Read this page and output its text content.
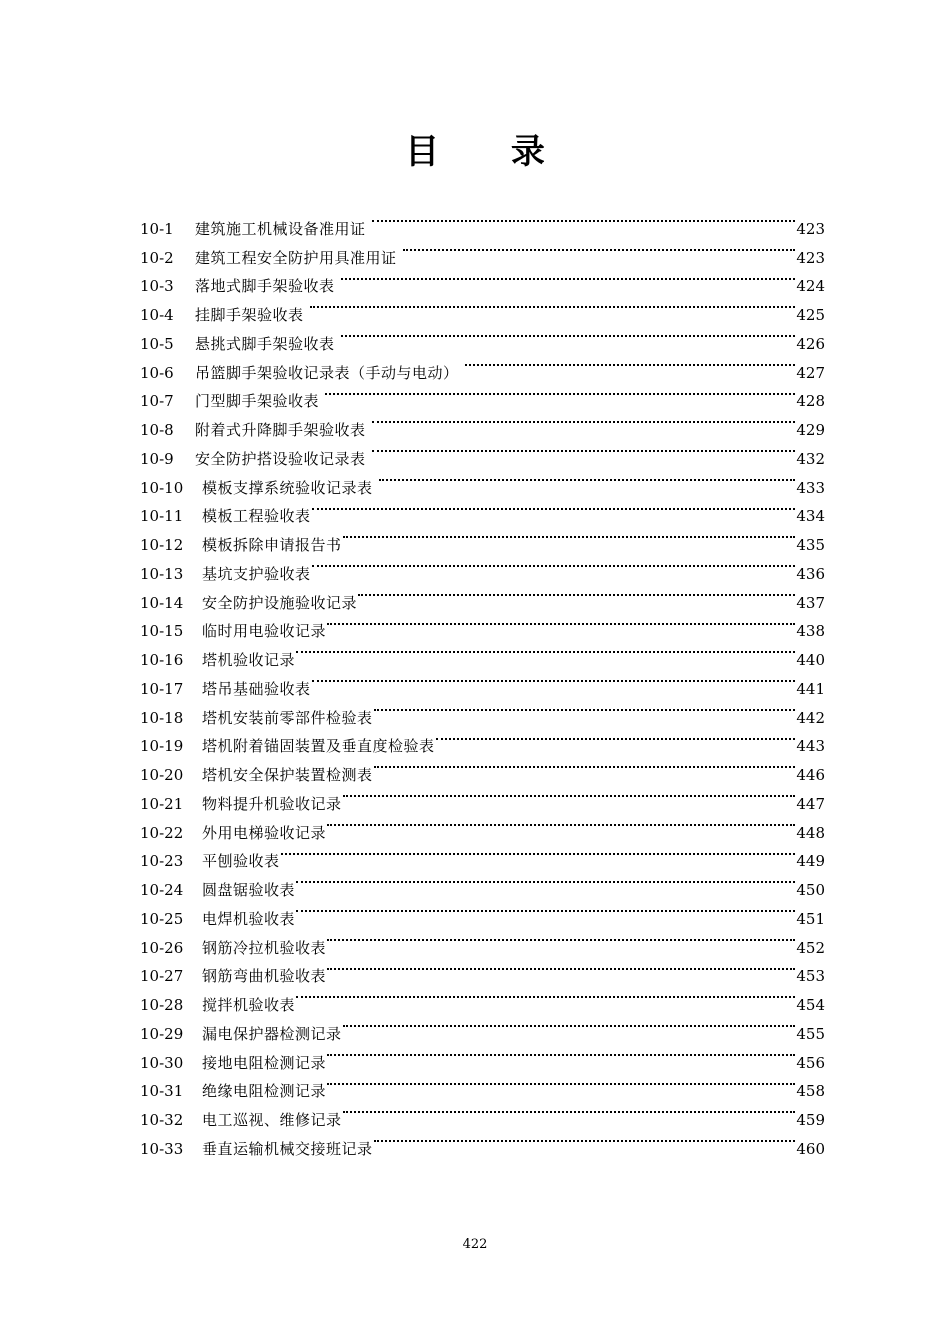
目 录
10-1	建筑施工机械设备准用证	423
10-2	建筑工程安全防护用具准用证	423
10-3	落地式脚手架验收表	424
10-4	挂脚手架验收表	425
10-5	悬挑式脚手架验收表	426
10-6	吊篮脚手架验收记录表（手动与电动）	427
10-7	门型脚手架验收表	428
10-8	附着式升降脚手架验收表	429
10-9	安全防护搭设验收记录表	432
10-10	模板支撑系统验收记录表	433
10-11	模板工程验收表	434
10-12	模板拆除申请报告书	435
10-13	基坑支护验收表	436
10-14	安全防护设施验收记录	437
10-15	临时用电验收记录	438
10-16	塔机验收记录	440
10-17	塔吊基础验收表	441
10-18	塔机安装前零部件检验表	442
10-19	塔机附着锚固装置及垂直度检验表	443
10-20	塔机安全保护装置检测表	446
10-21	物料提升机验收记录	447
10-22	外用电梯验收记录	448
10-23	平刨验收表	449
10-24	圆盘锯验收表	450
10-25	电焊机验收表	451
10-26	钢筋冷拉机验收表	452
10-27	钢筋弯曲机验收表	453
10-28	搅拌机验收表	454
10-29	漏电保护器检测记录	455
10-30	接地电阻检测记录	456
10-31	绝缘电阻检测记录	458
10-32	电工巡视、维修记录	459
10-33	垂直运输机械交接班记录	460
422
